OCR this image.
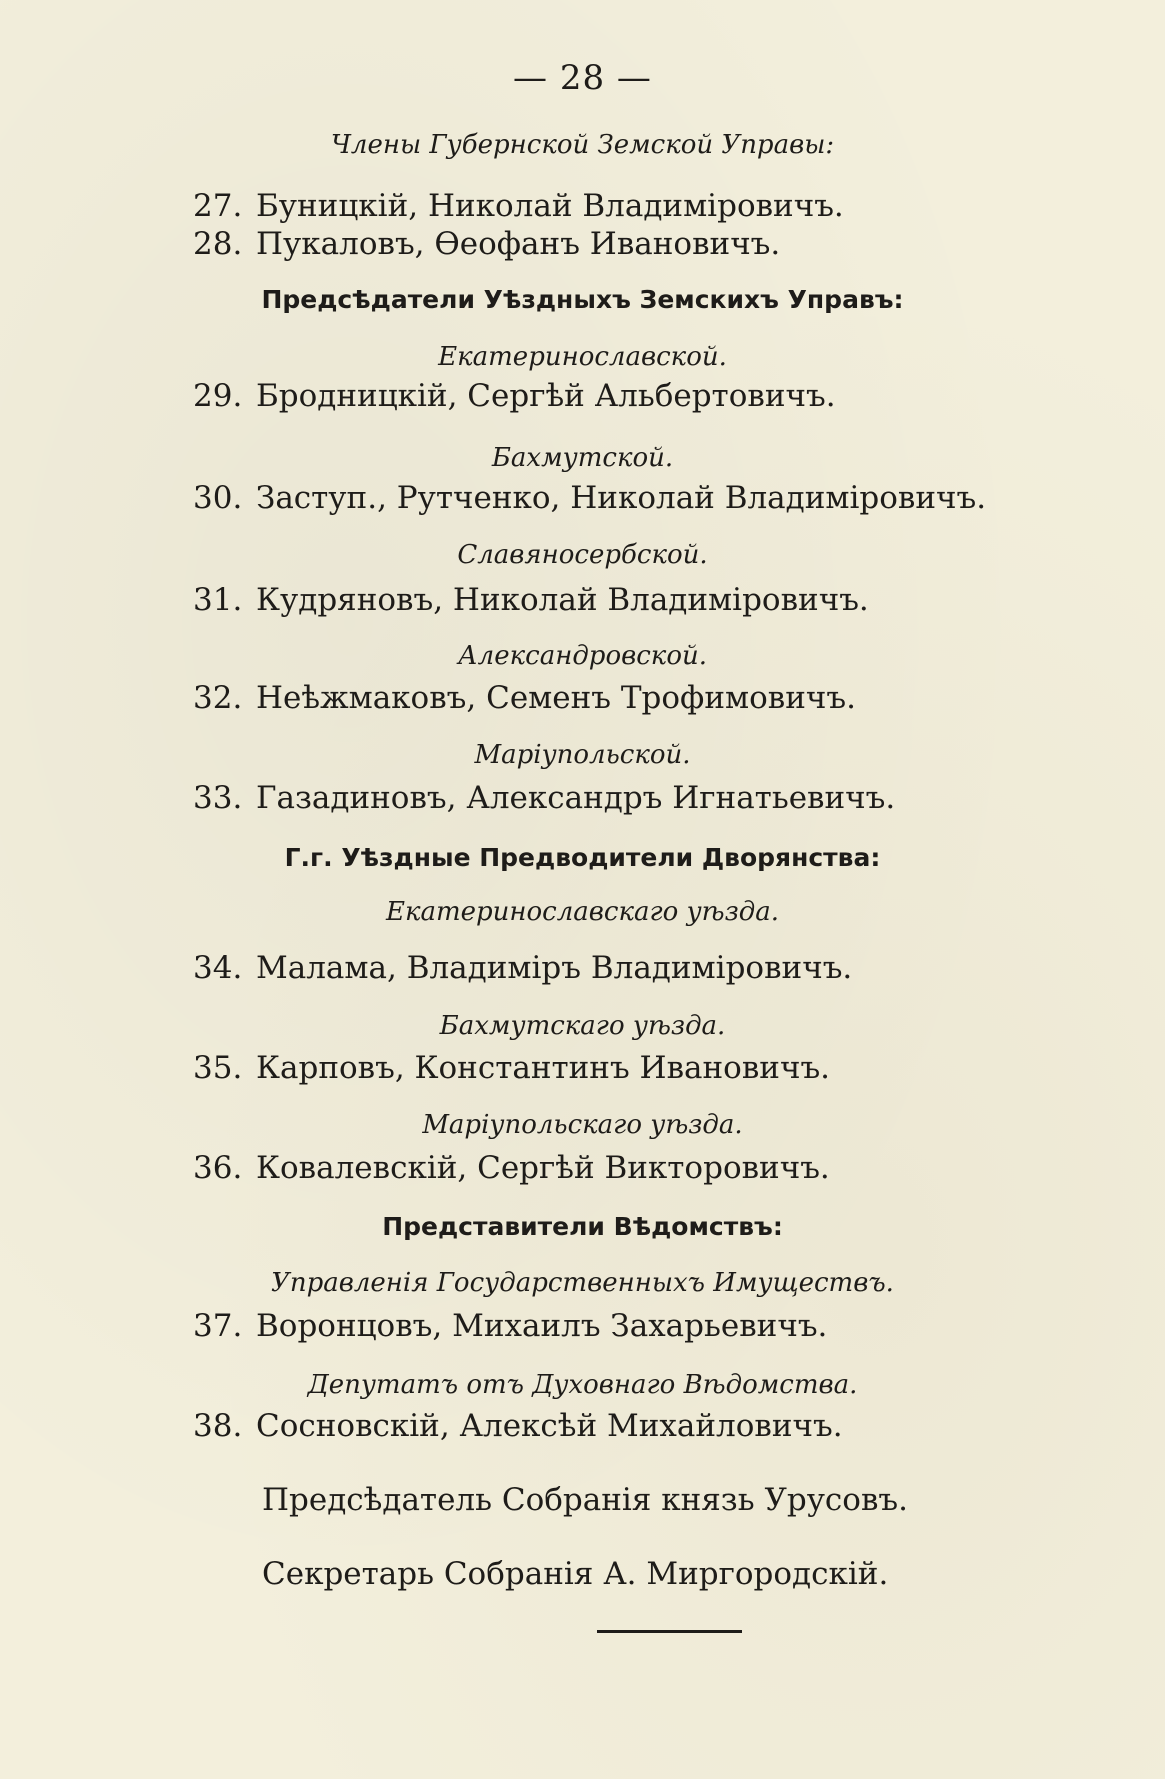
— 28 —
Члены Губернской Земской Управы:
27. Буницкій, Николай Владиміровичъ.
28. Пукаловъ, Ѳеофанъ Ивановичъ.
Предсѣдатели Уѣздныхъ Земскихъ Управъ:
Екатеринославской.
29. Бродницкій, Сергѣй Альбертовичъ.
Бахмутской.
30. Заступ., Рутченко, Николай Владиміровичъ.
Славяносербской.
31. Кудряновъ, Николай Владиміровичъ.
Александровской.
32. Неѣжмаковъ, Семенъ Трофимовичъ.
Маріупольской.
33. Газадиновъ, Александръ Игнатьевичъ.
Г.г. Уѣздные Предводители Дворянства:
Екатеринославскаго уѣзда.
34. Малама, Владиміръ Владиміровичъ.
Бахмутскаго уѣзда.
35. Карповъ, Константинъ Ивановичъ.
Маріупольскаго уѣзда.
36. Ковалевскій, Сергѣй Викторовичъ.
Представители Вѣдомствъ:
Управленія Государственныхъ Имуществъ.
37. Воронцовъ, Михаилъ Захарьевичъ.
Депутатъ отъ Духовнаго Вѣдомства.
38. Сосновскій, Алексѣй Михайловичъ.
Предсѣдатель Собранія князь Урусовъ.
Секретарь Собранія А. Миргородскій.
